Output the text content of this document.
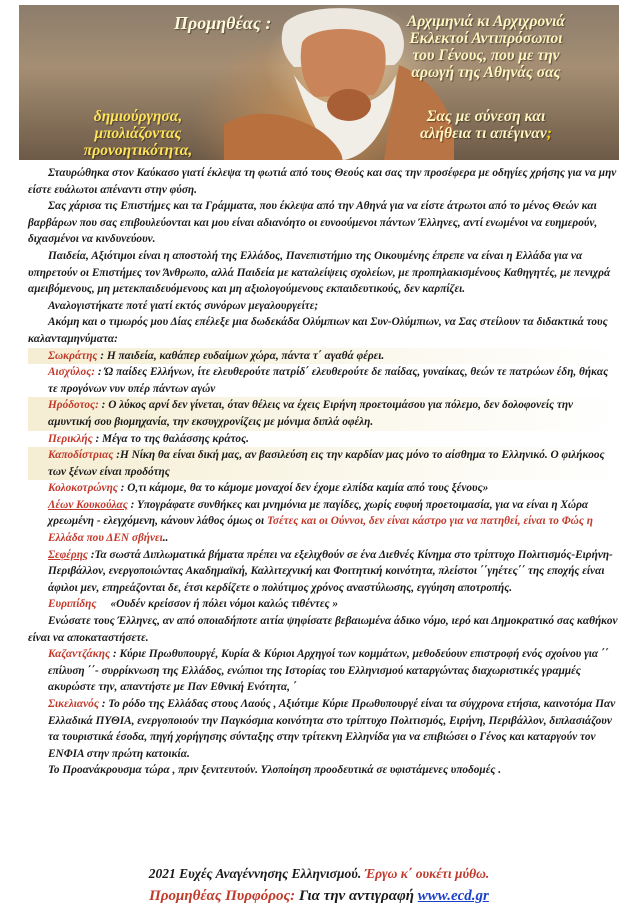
Προμηθέας :	Αρχιμηνιά κι Αρχιχρονιά
Εκλεκτοί Αντιπρόσωποι
του Γένους, που με την
αρωγή της Αθηνάς σας
δημιούργησα, μπολιάζοντας
προνοητικότητα,
Σας με σύνεση και
αλήθεια τι απέγιναν;

Σταυρώθηκα στον Καύκασο γιατί έκλεψα τη φωτιά από τους Θεούς και σας την προσέφερα με οδηγίες χρήσης για να μην είστε ευάλωτοι απέναντι στην φύση.

Σας χάρισα τις Επιστήμες και τα Γράμματα, που έκλεψα από την Αθηνά για να είστε άτρωτοι από το μένος Θεών και βαρβάρων που σας επιβουλεύονται και μου είναι αδιανόητο οι ευνοούμενοι πάντων Έλληνες, αντί ενωμένοι να ευημερούν, διχασμένοι να κινδυνεύουν.

Παιδεία, Αξιότιμοι είναι η αποστολή της Ελλάδος, Πανεπιστήμιο της Οικουμένης έπρεπε να είναι η Ελλάδα για να υπηρετούν οι Επιστήμες τον Άνθρωπο, αλλά Παιδεία με καταλείψεις σχολείων, με προπηλακισμένους Καθηγητές, με πενιχρά αμειβόμενους, μη μετεκπαιδευόμενους και μη αξιολογούμενους εκπαιδευτικούς, δεν καρπίζει.

Αναλογιστήκατε ποτέ γιατί εκτός συνόρων μεγαλουργείτε;

Ακόμη και ο τιμωρός μου Δίας επέλεξε μια δωδεκάδα Ολύμπιων και Συν-Ολύμπιων, να Σας στείλουν τα διδακτικά τους καλανταμηνύματα:

Σωκράτης : Η παιδεία, καθάπερ ευδαίμων χώρα, πάντα τ΄ αγαθά φέρει.

Αισχύλος: : Ώ παίδες Ελλήνων, ίτε ελευθερούτε πατρίδ΄ ελευθερούτε δε παίδας, γυναίκας, θεών τε πατρώων έδη, θήκας τε προγόνων νυν υπέρ πάντων αγών

Ηρόδοτος: : Ο λύκος αρνί δεν γίνεται, όταν θέλεις να έχεις Ειρήνη προετοιμάσου για πόλεμο, δεν δολοφονείς την αμυντική σου βιομηχανία, την εκσυγχρονίζεις με μόνιμα διπλά οφέλη.

Περικλής : Μέγα το της θαλάσσης κράτος.

Καποδίστριας :Η Νίκη θα είναι δική μας, αν βασιλεύση εις την καρδίαν μας μόνο το αίσθημα το Ελληνικό. Ο φιλήκοος των ξένων είναι προδότης

Κολοκοτρώνης : Ο,τι κάμομε, θα το κάμομε μοναχοί δεν έχομε ελπίδα καμία από τους ξένους»

Λέων Κουκούλας : Υπογράφατε συνθήκες και μνημόνια με παγίδες, χωρίς ευφυή προετοιμασία, για να είναι η Χώρα χρεωμένη - ελεγχόμενη, κάνουν λάθος όμως οι Τσέτες και οι Ούννοι, δεν είναι κάστρο για να πατηθεί, είναι το Φώς η Ελλάδα που ΔΕΝ σβήνει..

Σεφέρης :Τα σωστά Διπλωματικά βήματα πρέπει να εξελιχθούν σε ένα Διεθνές Κίνημα στο τρίπτυχο Πολιτισμός-Ειρήνη-Περιβάλλον, ενεργοποιώντας Ακαδημαϊκή, Καλλιτεχνική και Φοιτητική κοινότητα, πλείστοι ΄΄γηέτες΄΄ της εποχής είναι άφιλοι μεν, επηρεάζονται δε, έτσι κερδίζετε ο πολύτιμος χρόνος αναστύλωσης, εγγύηση αποτροπής.

Ευριπίδης «Ουδέν κρείσσον ή πόλει νόμοι καλώς τιθέντες »

Ενώσατε τους Έλληνες, αν από οποιαδήποτε αιτία ψηφίσατε βεβαιωμένα άδικο νόμο, ιερό και Δημοκρατικό σας καθήκον είναι να αποκαταστήσετε.

Καζαντζάκης : Κύριε Πρωθυπουργέ, Κυρία & Κύριοι Αρχηγοί των κομμάτων, μεθοδεύουν επιστροφή ενός σχοίνου για ΄΄ επίλυση ΄΄- συρρίκνωση της Ελλάδος, ενώπιοι της Ιστορίας του Ελληνισμού καταργώντας διαχωριστικές γραμμές ακυρώστε την, απαντήστε με Παν Εθνική Ενότητα, ΄

Σικελιανός : Το ρόδο της Ελλάδας στους Λαούς , Αξιότιμε Κύριε Πρωθυπουργέ είναι τα σύγχρονα ετήσια, καινοτόμα Παν Ελλαδικά ΠΥΘΙΑ, ενεργοποιούν την Παγκόσμια κοινότητα στο τρίπτυχο Πολιτισμός, Ειρήνη, Περιβάλλον, διπλασιάζουν τα τουριστικά έσοδα, πηγή χορήγησης σύνταξης στην τρίτεκνη Ελληνίδα για να επιβιώσει ο Γένος και καταργούν τον ΕΝΦΙΑ στην πρώτη κατοικία.

Το Προανάκρουσμα τώρα , πριν ξενιτευτούν. Υλοποίηση προοδευτικά σε υφιστάμενες υποδομές .

2021 Ευχές Αναγέννησης Ελληνισμού. Έργω κ΄ ουκέτι μύθω.
Προμηθέας Πυρφόρος: Για την αντιγραφή www.ecd.gr
